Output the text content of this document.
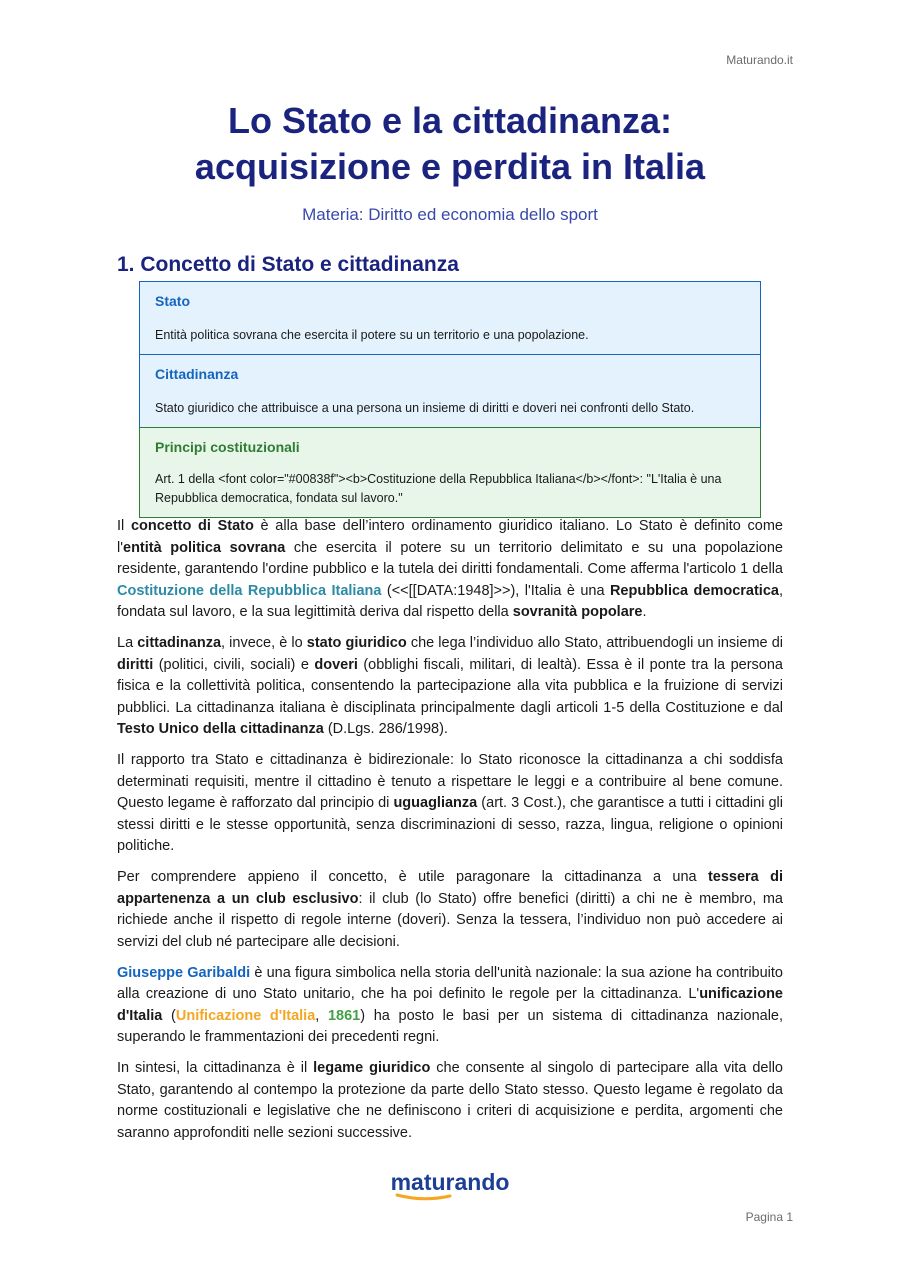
Maturando.it
Lo Stato e la cittadinanza:
acquisizione e perdita in Italia
Materia: Diritto ed economia dello sport
1. Concetto di Stato e cittadinanza
Stato
Entità politica sovrana che esercita il potere su un territorio e una popolazione.
Cittadinanza
Stato giuridico che attribuisce a una persona un insieme di diritti e doveri nei confronti dello Stato.
Principi costituzionali
Art. 1 della <font color="#00838f"><b>Costituzione della Repubblica Italiana</b></font>: "L'Italia è una Repubblica democratica, fondata sul lavoro."

Il concetto di Stato è alla base dell’intero ordinamento giuridico italiano. Lo Stato è definito come l'entità politica sovrana che esercita il potere su un territorio delimitato e su una popolazione residente, garantendo l'ordine pubblico e la tutela dei diritti fondamentali. Come afferma l'articolo 1 della Costituzione della Repubblica Italiana (<<[[DATA:1948]>>), l'Italia è una Repubblica democratica, fondata sul lavoro, e la sua legittimità deriva dal rispetto della sovranità popolare.

La cittadinanza, invece, è lo stato giuridico che lega l’individuo allo Stato, attribuendogli un insieme di diritti (politici, civili, sociali) e doveri (obblighi fiscali, militari, di lealtà). Essa è il ponte tra la persona fisica e la collettività politica, consentendo la partecipazione alla vita pubblica e la fruizione di servizi pubblici. La cittadinanza italiana è disciplinata principalmente dagli articoli 1-5 della Costituzione e dal Testo Unico della cittadinanza (D.Lgs. 286/1998).

Il rapporto tra Stato e cittadinanza è bidirezionale: lo Stato riconosce la cittadinanza a chi soddisfa determinati requisiti, mentre il cittadino è tenuto a rispettare le leggi e a contribuire al bene comune. Questo legame è rafforzato dal principio di uguaglianza (art. 3 Cost.), che garantisce a tutti i cittadini gli stessi diritti e le stesse opportunità, senza discriminazioni di sesso, razza, lingua, religione o opinioni politiche.

Per comprendere appieno il concetto, è utile paragonare la cittadinanza a una tessera di appartenenza a un club esclusivo: il club (lo Stato) offre benefici (diritti) a chi ne è membro, ma richiede anche il rispetto di regole interne (doveri). Senza la tessera, l’individuo non può accedere ai servizi del club né partecipare alle decisioni.

Giuseppe Garibaldi è una figura simbolica nella storia dell'unità nazionale: la sua azione ha contribuito alla creazione di uno Stato unitario, che ha poi definito le regole per la cittadinanza. L'unificazione d'Italia (Unificazione d'Italia, 1861) ha posto le basi per un sistema di cittadinanza nazionale, superando le frammentazioni dei precedenti regni.

In sintesi, la cittadinanza è il legame giuridico che consente al singolo di partecipare alla vita dello Stato, garantendo al contempo la protezione da parte dello Stato stesso. Questo legame è regolato da norme costituzionali e legislative che ne definiscono i criteri di acquisizione e perdita, argomenti che saranno approfonditi nelle sezioni successive.

maturando
Pagina 1
